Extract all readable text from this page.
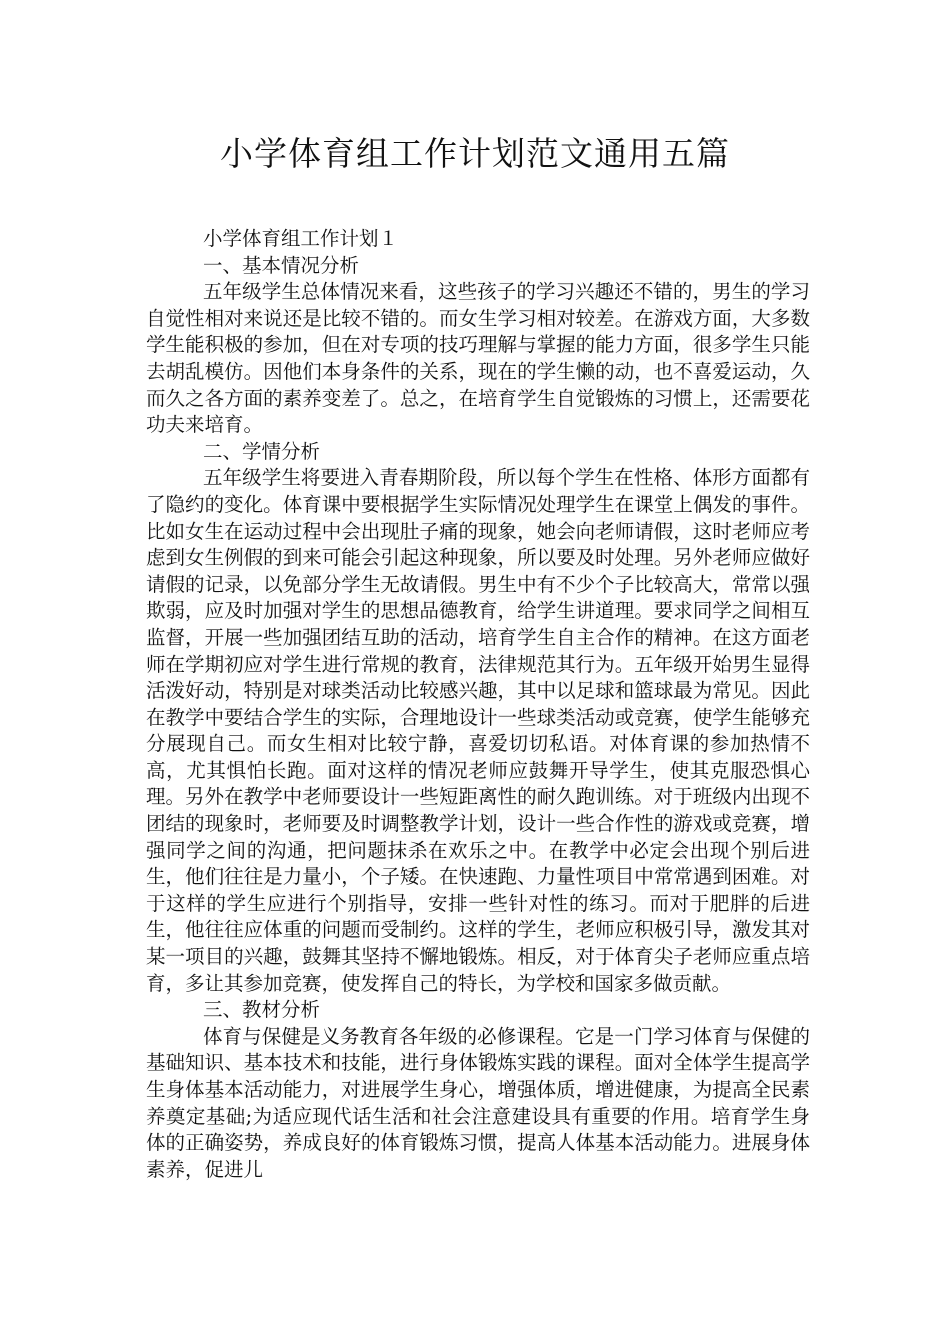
小学体育组工作计划范文通用五篇

小学体育组工作计划１

一、基本情况分析

五年级学生总体情况来看，这些孩子的学习兴趣还不错的，男生的学习自觉性相对来说还是比较不错的。而女生学习相对较差。在游戏方面，大多数学生能积极的参加，但在对专项的技巧理解与掌握的能力方面，很多学生只能去胡乱模仿。因他们本身条件的关系，现在的学生懒的动，也不喜爱运动，久而久之各方面的素养变差了。总之，在培育学生自觉锻炼的习惯上，还需要花功夫来培育。

二、学情分析

五年级学生将要进入青春期阶段，所以每个学生在性格、体形方面都有了隐约的变化。体育课中要根据学生实际情况处理学生在课堂上偶发的事件。比如女生在运动过程中会出现肚子痛的现象，她会向老师请假，这时老师应考虑到女生例假的到来可能会引起这种现象，所以要及时处理。另外老师应做好请假的记录，以免部分学生无故请假。男生中有不少个子比较高大，常常以强欺弱，应及时加强对学生的思想品德教育，给学生讲道理。要求同学之间相互监督，开展一些加强团结互助的活动，培育学生自主合作的精神。在这方面老师在学期初应对学生进行常规的教育，法律规范其行为。五年级开始男生显得活泼好动，特别是对球类活动比较感兴趣，其中以足球和篮球最为常见。因此在教学中要结合学生的实际，合理地设计一些球类活动或竞赛，使学生能够充分展现自己。而女生相对比较宁静，喜爱切切私语。对体育课的参加热情不高，尤其惧怕长跑。面对这样的情况老师应鼓舞开导学生，使其克服恐惧心理。另外在教学中老师要设计一些短距离性的耐久跑训练。对于班级内出现不团结的现象时，老师要及时调整教学计划，设计一些合作性的游戏或竞赛，增强同学之间的沟通，把问题抹杀在欢乐之中。在教学中必定会出现个别后进生，他们往往是力量小，个子矮。在快速跑、力量性项目中常常遇到困难。对于这样的学生应进行个别指导，安排一些针对性的练习。而对于肥胖的后进生，他往往应体重的问题而受制约。这样的学生，老师应积极引导，激发其对某一项目的兴趣，鼓舞其坚持不懈地锻炼。相反，对于体育尖子老师应重点培育，多让其参加竞赛，使发挥自己的特长，为学校和国家多做贡献。

三、教材分析

体育与保健是义务教育各年级的必修课程。它是一门学习体育与保健的基础知识、基本技术和技能，进行身体锻炼实践的课程。面对全体学生提高学生身体基本活动能力，对进展学生身心，增强体质，增进健康，为提高全民素养奠定基础;为适应现代话生活和社会注意建设具有重要的作用。培育学生身体的正确姿势，养成良好的体育锻炼习惯，提高人体基本活动能力。进展身体素养，促进儿
